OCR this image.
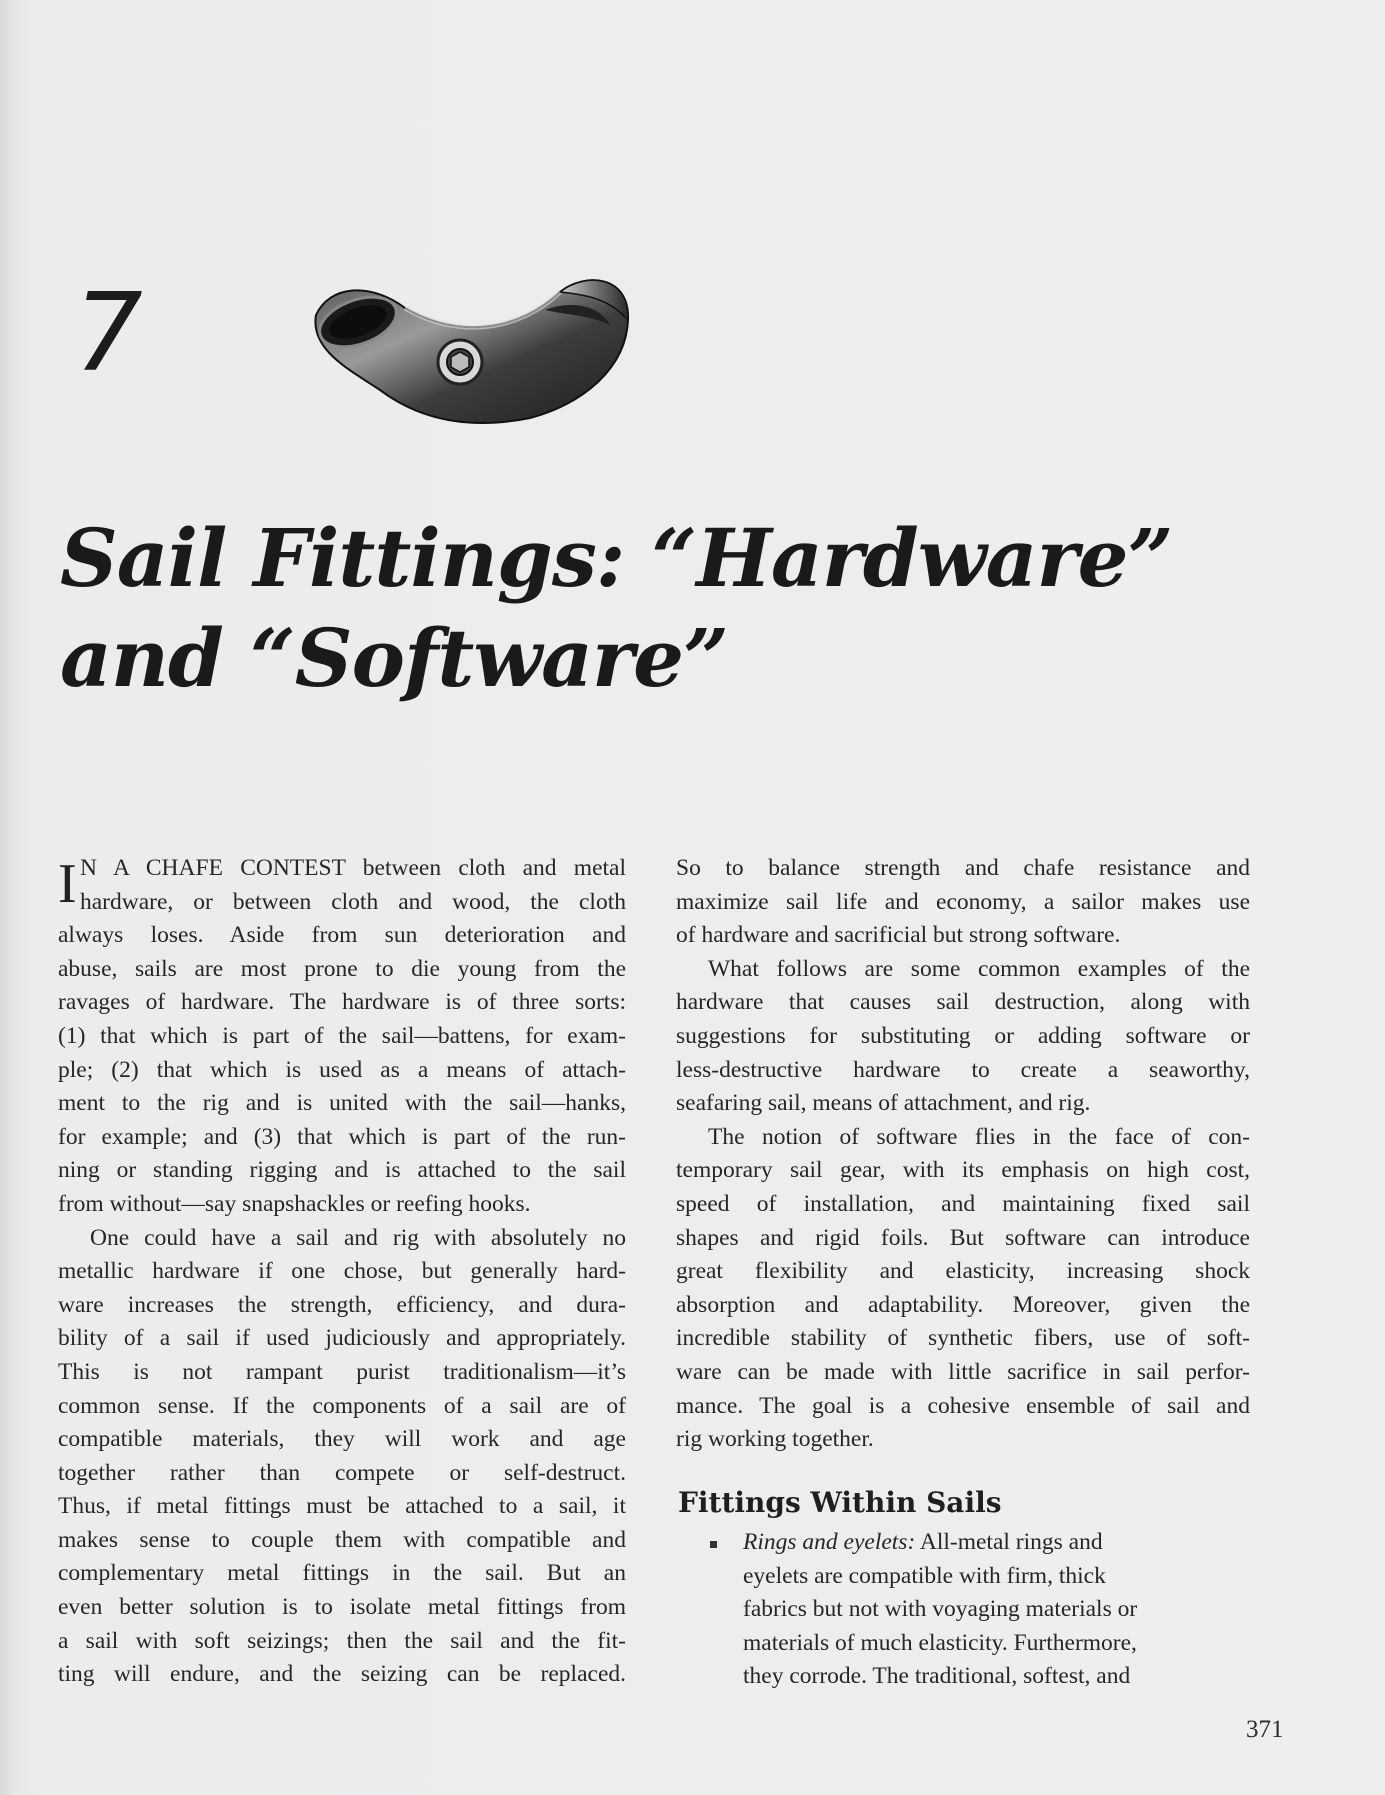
7
Sail Fittings: “Hardware”
and “Software”
I N A CHAFE CONTEST between cloth and metal
hardware, or between cloth and wood, the cloth
always loses. Aside from sun deterioration and
abuse, sails are most prone to die young from the
ravages of hardware. The hardware is of three sorts:
(1) that which is part of the sail—battens, for exam-
ple; (2) that which is used as a means of attach-
ment to the rig and is united with the sail—hanks,
for example; and (3) that which is part of the run-
ning or standing rigging and is attached to the sail
from without—say snapshackles or reefing hooks.
One could have a sail and rig with absolutely no
metallic hardware if one chose, but generally hard-
ware increases the strength, efficiency, and dura-
bility of a sail if used judiciously and appropriately.
This is not rampant purist traditionalism—it’s
common sense. If the components of a sail are of
compatible materials, they will work and age
together rather than compete or self-destruct.
Thus, if metal fittings must be attached to a sail, it
makes sense to couple them with compatible and
complementary metal fittings in the sail. But an
even better solution is to isolate metal fittings from
a sail with soft seizings; then the sail and the fit-
ting will endure, and the seizing can be replaced.
So to balance strength and chafe resistance and
maximize sail life and economy, a sailor makes use
of hardware and sacrificial but strong software.
What follows are some common examples of the
hardware that causes sail destruction, along with
suggestions for substituting or adding software or
less-destructive hardware to create a seaworthy,
seafaring sail, means of attachment, and rig.
The notion of software flies in the face of con-
temporary sail gear, with its emphasis on high cost,
speed of installation, and maintaining fixed sail
shapes and rigid foils. But software can introduce
great flexibility and elasticity, increasing shock
absorption and adaptability. Moreover, given the
incredible stability of synthetic fibers, use of soft-
ware can be made with little sacrifice in sail perfor-
mance. The goal is a cohesive ensemble of sail and
rig working together.
Fittings Within Sails
Rings and eyelets: All-metal rings and
eyelets are compatible with firm, thick
fabrics but not with voyaging materials or
materials of much elasticity. Furthermore,
they corrode. The traditional, softest, and
371
